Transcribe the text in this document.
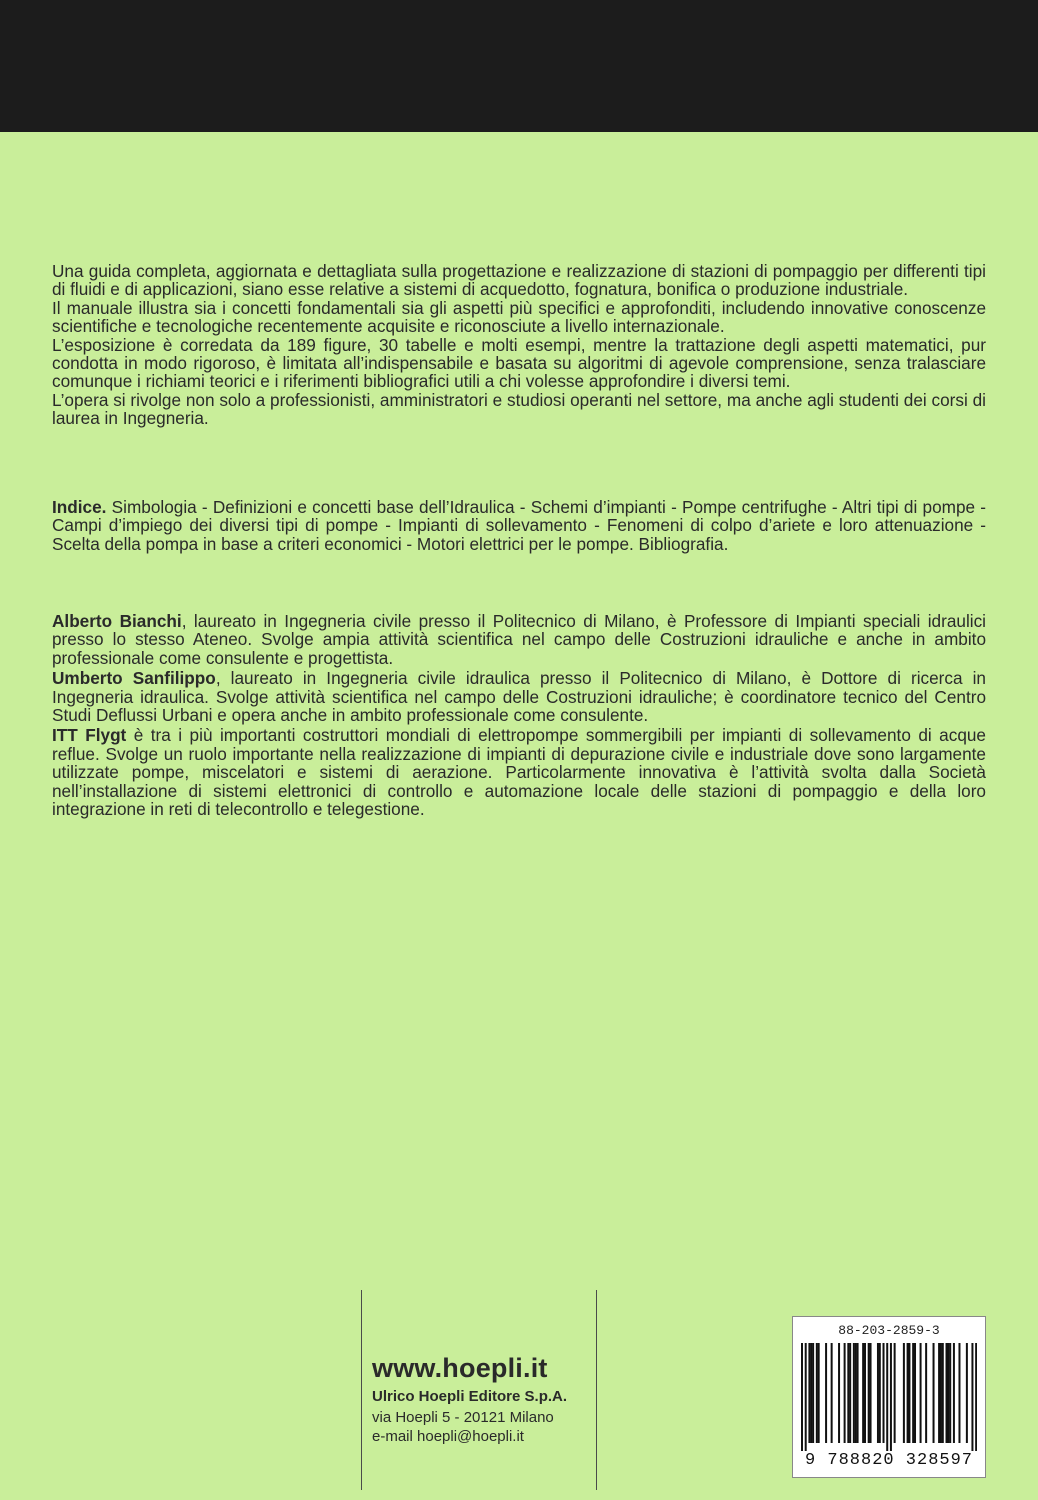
Una guida completa, aggiornata e dettagliata sulla progettazione e realizzazione di stazioni di pompaggio per differenti tipi di fluidi e di applicazioni, siano esse relative a sistemi di acquedotto, fognatura, bonifica o produzione industriale.

Il manuale illustra sia i concetti fondamentali sia gli aspetti più specifici e approfonditi, includendo innovative conoscenze scientifiche e tecnologiche recentemente acquisite e riconosciute a livello internazionale.

L’esposizione è corredata da 189 figure, 30 tabelle e molti esempi, mentre la trattazione degli aspetti matematici, pur condotta in modo rigoroso, è limitata all’indispensabile e basata su algoritmi di agevole comprensione, senza tralasciare comunque i richiami teorici e i riferimenti bibliografici utili a chi volesse approfondire i diversi temi.

L’opera si rivolge non solo a professionisti, amministratori e studiosi operanti nel settore, ma anche agli studenti dei corsi di laurea in Ingegneria.

Indice. Simbologia - Definizioni e concetti base dell’Idraulica - Schemi d’impianti - Pompe centrifughe - Altri tipi di pompe - Campi d’impiego dei diversi tipi di pompe - Impianti di sollevamento - Fenomeni di colpo d’ariete e loro attenuazione - Scelta della pompa in base a criteri economici - Motori elettrici per le pompe. Bibliografia.

Alberto Bianchi, laureato in Ingegneria civile presso il Politecnico di Milano, è Professore di Impianti speciali idraulici presso lo stesso Ateneo. Svolge ampia attività scientifica nel campo delle Costruzioni idrauliche e anche in ambito professionale come consulente e progettista.

Umberto Sanfilippo, laureato in Ingegneria civile idraulica presso il Politecnico di Milano, è Dottore di ricerca in Ingegneria idraulica. Svolge attività scientifica nel campo delle Costruzioni idrauliche; è coordinatore tecnico del Centro Studi Deflussi Urbani e opera anche in ambito professionale come consulente.

ITT Flygt è tra i più importanti costruttori mondiali di elettropompe sommergibili per impianti di sollevamento di acque reflue. Svolge un ruolo importante nella realizzazione di impianti di depurazione civile e industriale dove sono largamente utilizzate pompe, miscelatori e sistemi di aerazione. Particolarmente innovativa è l’attività svolta dalla Società nell’installazione di sistemi elettronici di controllo e automazione locale delle stazioni di pompaggio e della loro integrazione in reti di telecontrollo e telegestione.

www.hoepli.it
Ulrico Hoepli Editore S.p.A.
via Hoepli 5 - 20121 Milano
e-mail hoepli@hoepli.it
88-203-2859-3
9 788820 328597
